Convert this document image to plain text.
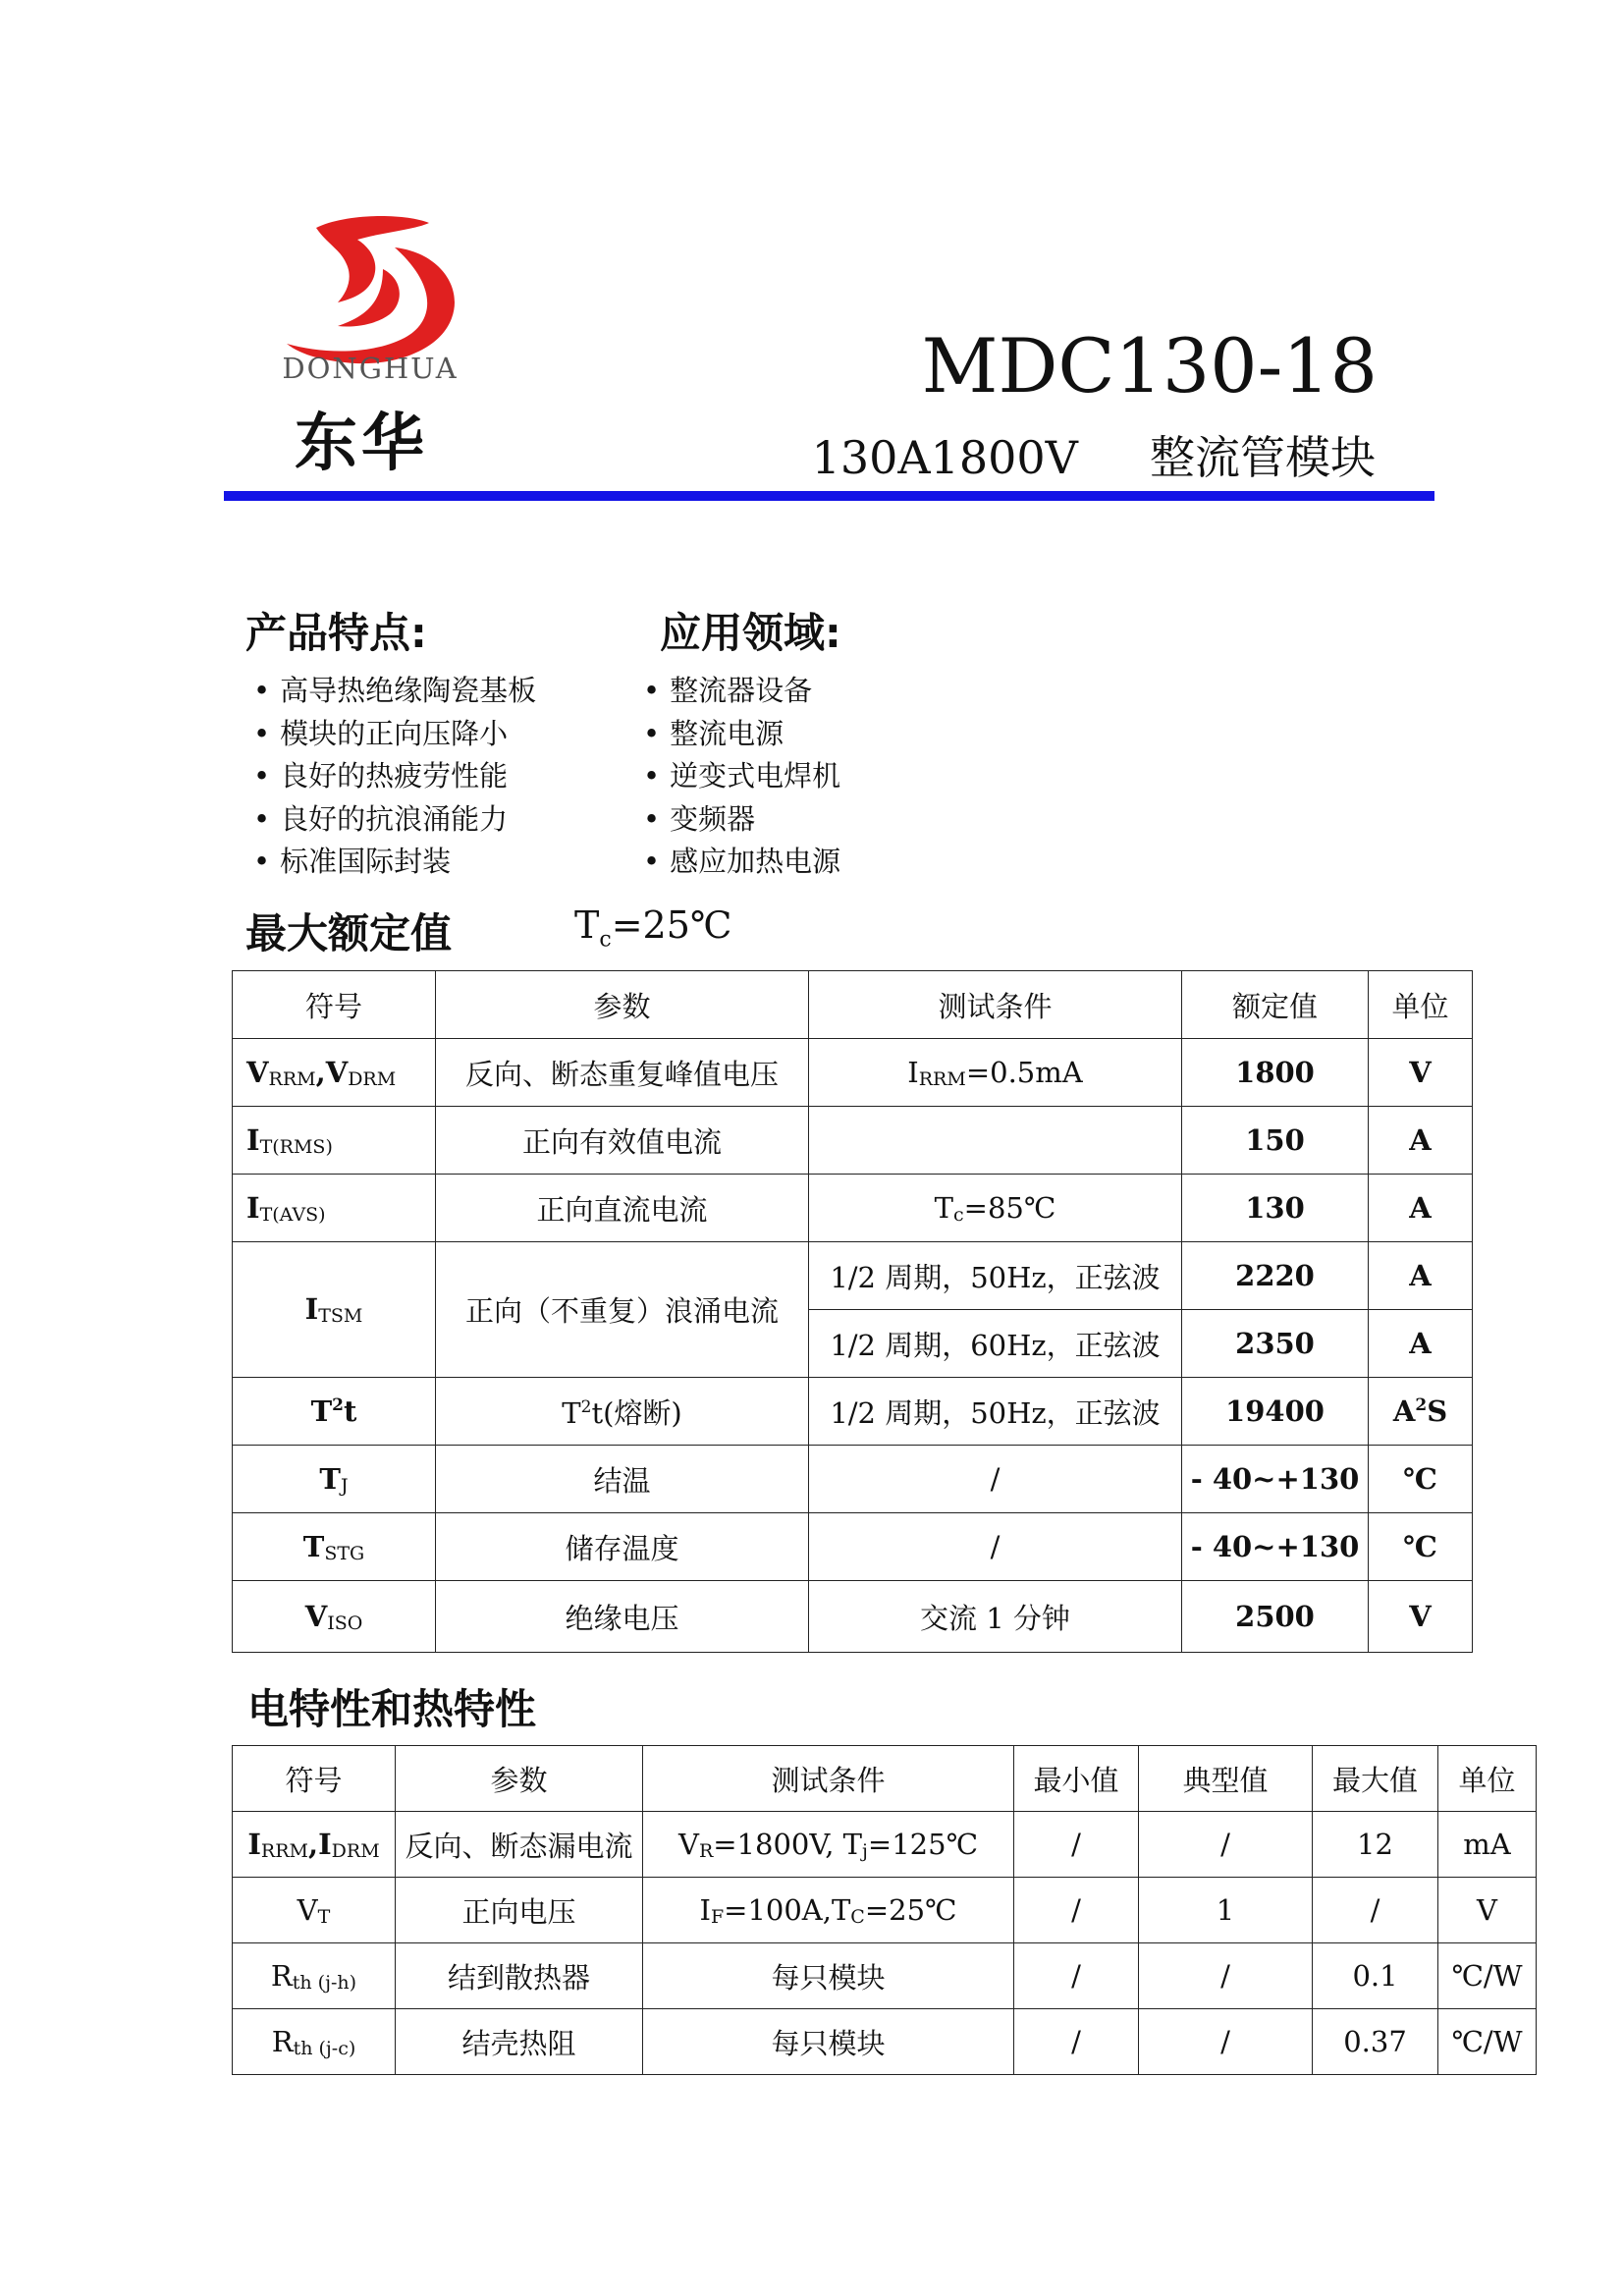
DONGHUA
东华
MDC130-18
130A1800V     整流管模块
产品特点:
• 高导热绝缘陶瓷基板
• 模块的正向压降小
• 良好的热疲劳性能
• 良好的抗浪涌能力
• 标准国际封装
应用领域:
• 整流器设备
• 整流电源
• 逆变式电焊机
• 变频器
• 感应加热电源
最大额定值	$T_c=25℃$
符号	参数	测试条件	额定值	单位
$V_{RRM},V_{DRM}$	反向、断态重复峰值电压	$I_{RRM}=0.5mA$	1800	V
$I_{T(RMS)}$	正向有效值电流		150	A
$I_{T(AVS)}$	正向直流电流	$T_c=85℃$	130	A
$I_{TSM}$	正向（不重复）浪涌电流	1/2 周期，50Hz，正弦波	2220	A
		1/2 周期，60Hz，正弦波	2350	A
$T^2t$	$T^2t$(熔断)	1/2 周期，50Hz，正弦波	19400	$A^2S$
$T_J$	结温	/	- 40~+130	℃
$T_{STG}$	储存温度	/	- 40~+130	℃
$V_{ISO}$	绝缘电压	交流 1 分钟	2500	V
电特性和热特性
符号	参数	测试条件	最小值	典型值	最大值	单位
$I_{RRM},I_{DRM}$	反向、断态漏电流	$V_R=1800V$, $T_j=125℃$	/	/	12	mA
$V_T$	正向电压	$I_F=100A,T_C=25℃$	/	1	/	V
$R_{th (j-h)}$	结到散热器	每只模块	/	/	0.1	℃/W
$R_{th (j-c)}$	结壳热阻	每只模块	/	/	0.37	℃/W
